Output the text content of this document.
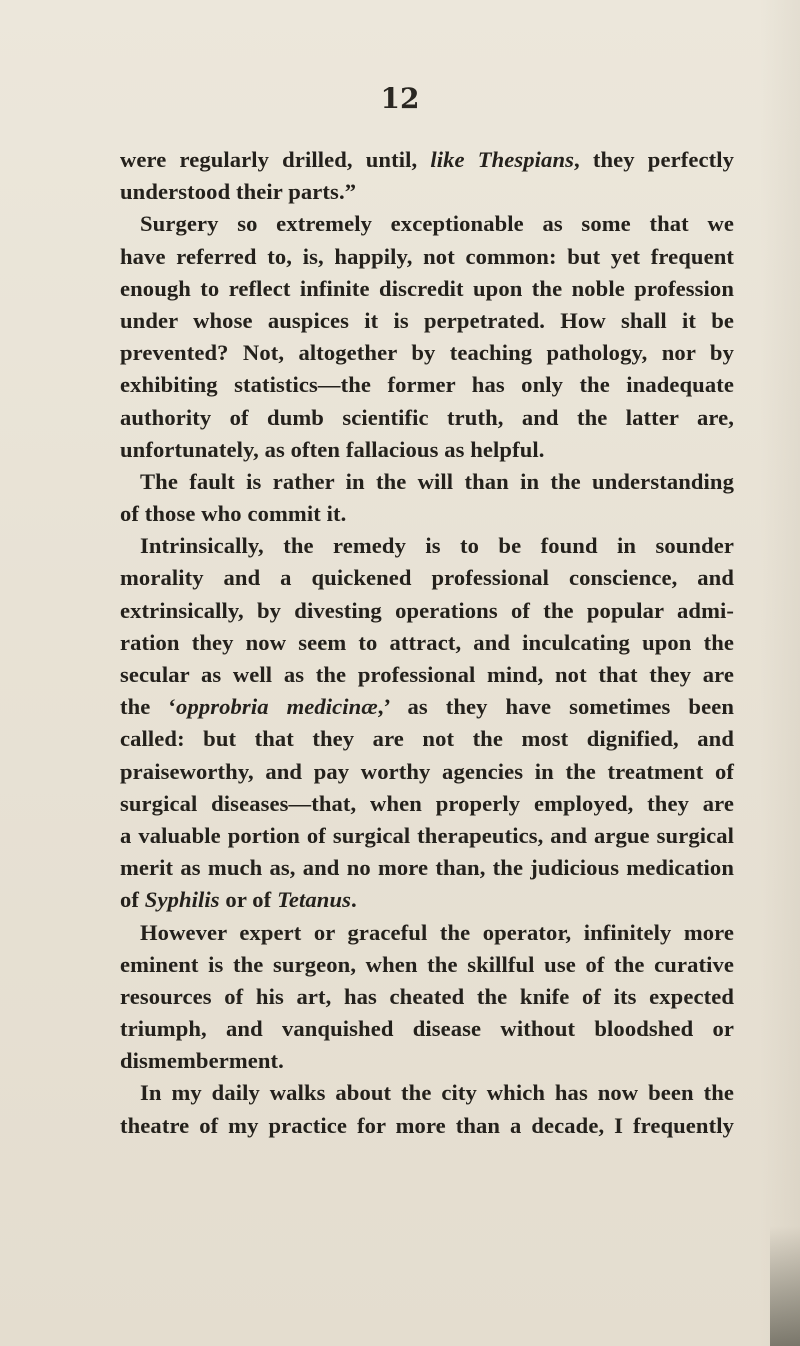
12
were regularly drilled, until, like Thespians, they perfectly
understood their parts.”
Surgery so extremely exceptionable as some that we
have referred to, is, happily, not common: but yet frequent
enough to reflect infinite discredit upon the noble profession
under whose auspices it is perpetrated. How shall it be
prevented? Not, altogether by teaching pathology, nor by
exhibiting statistics—the former has only the inadequate
authority of dumb scientific truth, and the latter are,
unfortunately, as often fallacious as helpful.
The fault is rather in the will than in the understanding
of those who commit it.
Intrinsically, the remedy is to be found in sounder
morality and a quickened professional conscience, and
extrinsically, by divesting operations of the popular admi-
ration they now seem to attract, and inculcating upon the
secular as well as the professional mind, not that they are
the ‘opprobria medicinæ,’ as they have sometimes been
called: but that they are not the most dignified, and
praiseworthy, and pay worthy agencies in the treatment of
surgical diseases—that, when properly employed, they are
a valuable portion of surgical therapeutics, and argue surgical
merit as much as, and no more than, the judicious medication
of Syphilis or of Tetanus.
However expert or graceful the operator, infinitely more
eminent is the surgeon, when the skillful use of the curative
resources of his art, has cheated the knife of its expected
triumph, and vanquished disease without bloodshed or
dismemberment.
In my daily walks about the city which has now been the
theatre of my practice for more than a decade, I frequently
